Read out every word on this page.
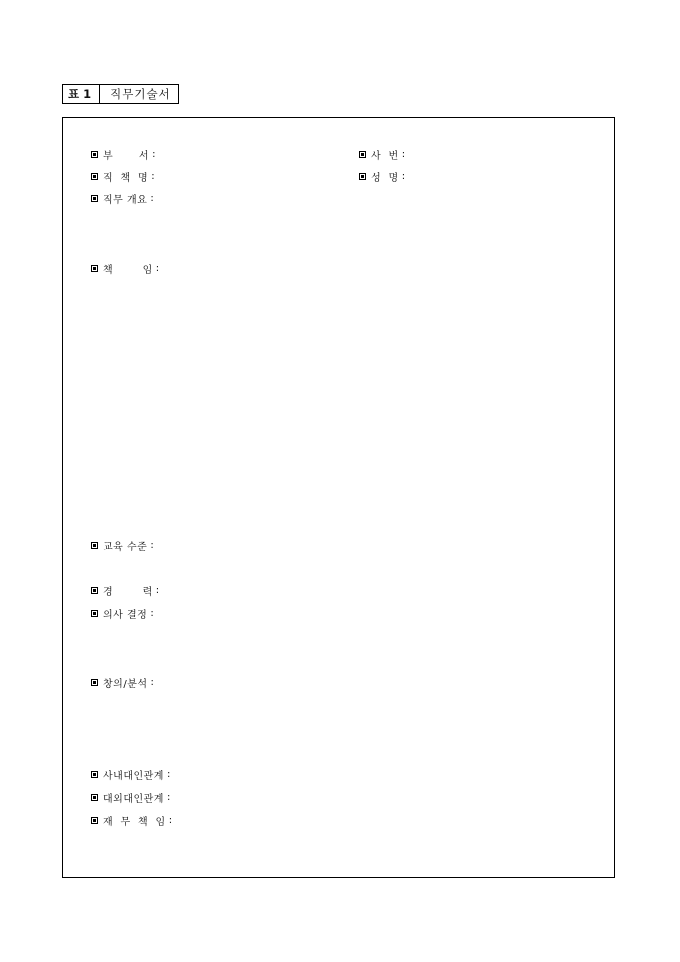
표 1	직무기술서
부       서 :	사  번 :
직  책  명 :	성  명 :
직무 개요 :
책        임 :
교육 수준 :
경        력 :
의사 결정 :
창의/분석 :
사내대인관계 :
대외대인관계 :
재  무  책  임 :
